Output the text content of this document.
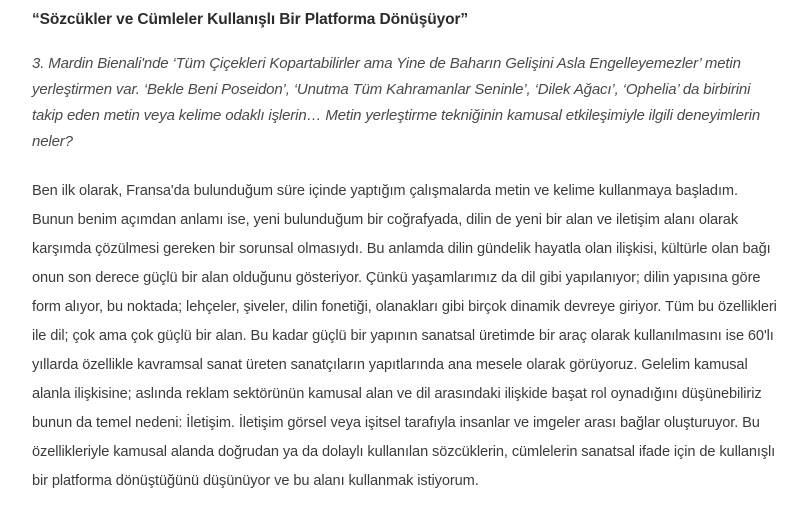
“Sözcükler ve Cümleler Kullanışlı Bir Platforma Dönüşüyor”

3. Mardin Bienali'nde ‘Tüm Çiçekleri Kopartabilirler ama Yine de Baharın Gelişini Asla Engelleyemezler’ metin yerleştirmen var. ‘Bekle Beni Poseidon’, ‘Unutma Tüm Kahramanlar Seninle’, ‘Dilek Ağacı’, ‘Ophelia’ da birbirini takip eden metin veya kelime odaklı işlerin… Metin yerleştirme tekniğinin kamusal etkileşimiyle ilgili deneyimlerin neler?

Ben ilk olarak, Fransa'da bulunduğum süre içinde yaptığım çalışmalarda metin ve kelime kullanmaya başladım. Bunun benim açımdan anlamı ise, yeni bulunduğum bir coğrafyada, dilin de yeni bir alan ve iletişim alanı olarak karşımda çözülmesi gereken bir sorunsal olmasıydı. Bu anlamda dilin gündelik hayatla olan ilişkisi, kültürle olan bağı onun son derece güçlü bir alan olduğunu gösteriyor. Çünkü yaşamlarımız da dil gibi yapılanıyor; dilin yapısına göre form alıyor, bu noktada; lehçeler, şiveler, dilin fonetiği, olanakları gibi birçok dinamik devreye giriyor. Tüm bu özellikleri ile dil; çok ama çok güçlü bir alan. Bu kadar güçlü bir yapının sanatsal üretimde bir araç olarak kullanılmasını ise 60'lı yıllarda özellikle kavramsal sanat üreten sanatçıların yapıtlarında ana mesele olarak görüyoruz. Gelelim kamusal alanla ilişkisine; aslında reklam sektörünün kamusal alan ve dil arasındaki ilişkide başat rol oynadığını düşünebiliriz bunun da temel nedeni: İletişim. İletişim görsel veya işitsel tarafıyla insanlar ve imgeler arası bağlar oluşturuyor. Bu özellikleriyle kamusal alanda doğrudan ya da dolaylı kullanılan sözcüklerin, cümlelerin sanatsal ifade için de kullanışlı bir platforma dönüştüğünü düşünüyor ve bu alanı kullanmak istiyorum.
